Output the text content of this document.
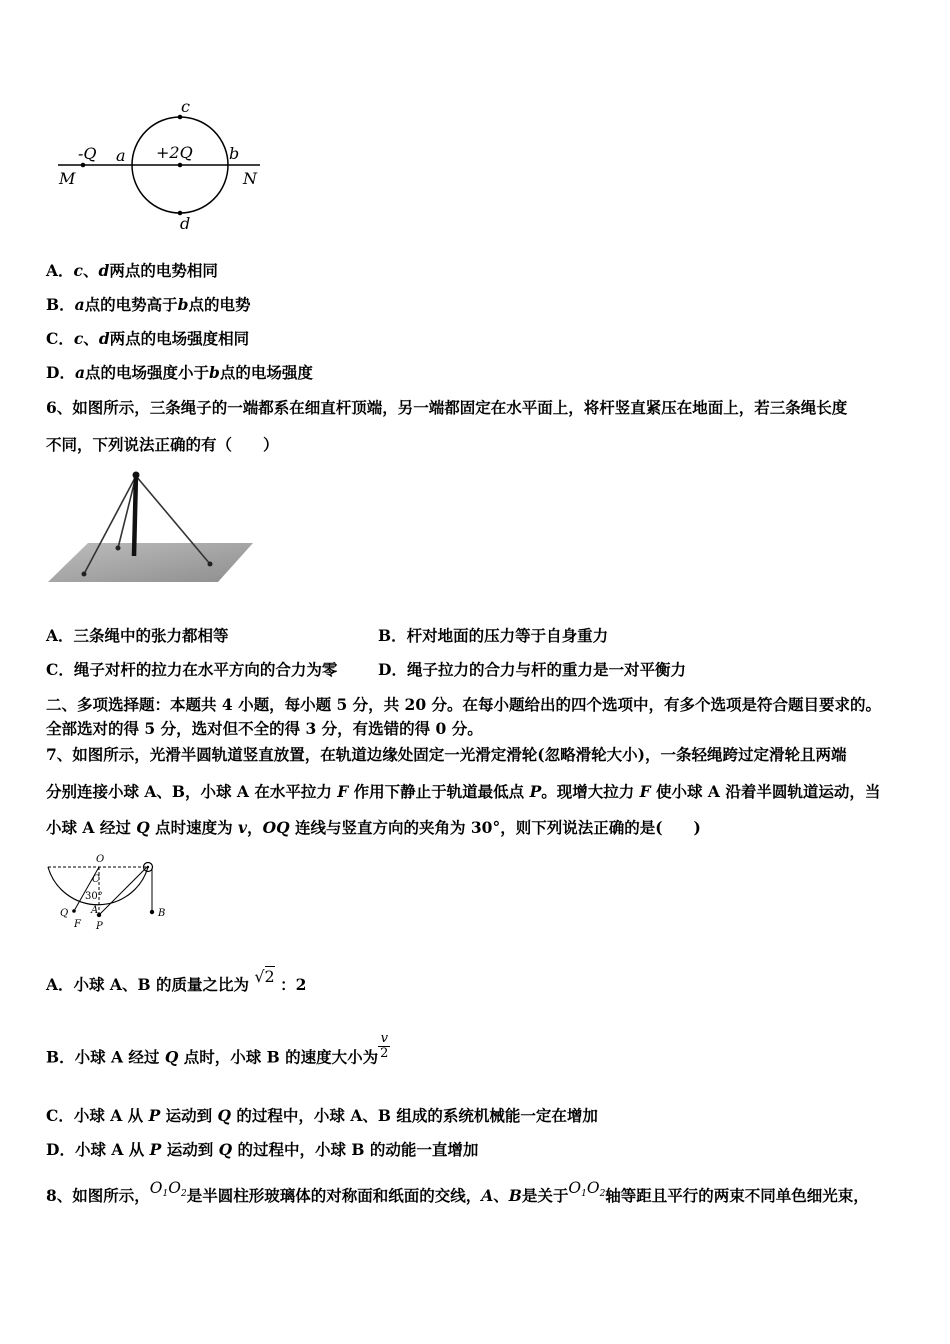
c
-Q a +2Q b
M	N
d
A．c、d两点的电势相同
B．a点的电势高于b点的电势
C．c、d两点的电场强度相同
D．a点的电场强度小于b点的电场强度
6、如图所示，三条绳子的一端都系在细直杆顶端，另一端都固定在水平面上，将杆竖直紧压在地面上，若三条绳长度
不同，下列说法正确的有（　　）
A．三条绳中的张力都相等	B．杆对地面的压力等于自身重力
C．绳子对杆的拉力在水平方向的合力为零	D．绳子拉力的合力与杆的重力是一对平衡力
二、多项选择题：本题共 4 小题，每小题 5 分，共 20 分。在每小题给出的四个选项中，有多个选项是符合题目要求的。
全部选对的得 5 分，选对但不全的得 3 分，有选错的得 0 分。
7、如图所示，光滑半圆轨道竖直放置，在轨道边缘处固定一光滑定滑轮(忽略滑轮大小)，一条轻绳跨过定滑轮且两端
分别连接小球 A、B，小球 A 在水平拉力 F 作用下静止于轨道最低点 P。现增大拉力 F 使小球 A 沿着半圆轨道运动，当
小球 A 经过 Q 点时速度为 v，OQ 连线与竖直方向的夹角为 30°，则下列说法正确的是(　　)
O
C
30°
A
Q
F P
B
A．小球 A、B 的质量之比为 √2 ：2
B．小球 A 经过 Q 点时，小球 B 的速度大小为 $\frac{v}{2}$
C．小球 A 从 P 运动到 Q 的过程中，小球 A、B 组成的系统机械能一定在增加
D．小球 A 从 P 运动到 Q 的过程中，小球 B 的动能一直增加
8、如图所示，$O_1O_2$是半圆柱形玻璃体的对称面和纸面的交线，A、B是关于$O_1O_2$轴等距且平行的两束不同单色细光束，
